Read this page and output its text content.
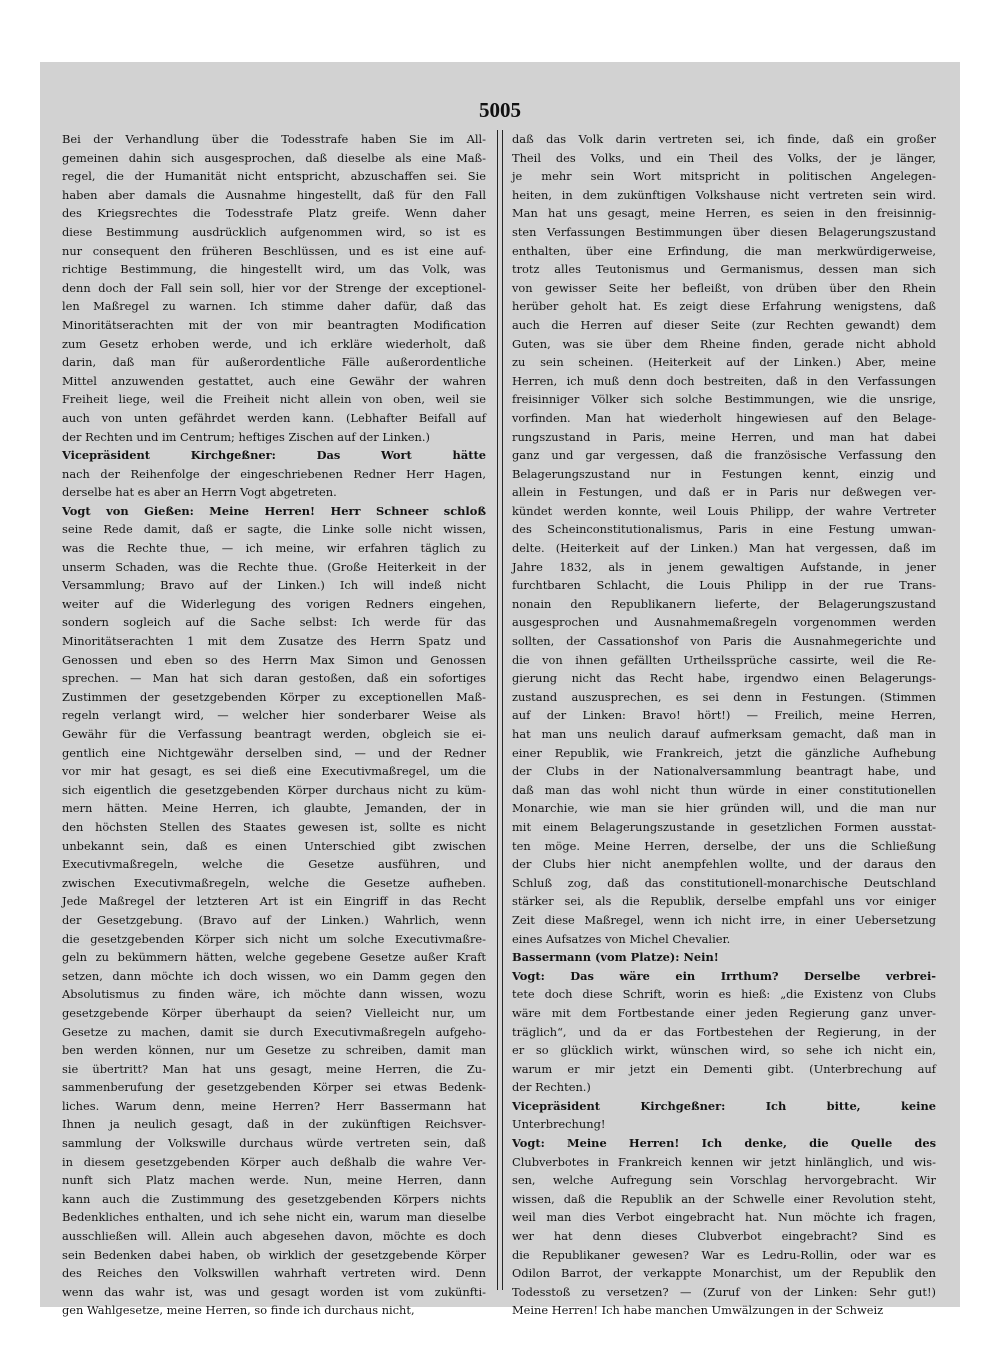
5005
Bei der Verhandlung über die Todesstrafe haben Sie im All-
gemeinen dahin sich ausgesprochen, daß dieselbe als eine Maß-
regel, die der Humanität nicht entspricht, abzuschaffen sei. Sie
haben aber damals die Ausnahme hingestellt, daß für den Fall
des Kriegsrechtes die Todesstrafe Platz greife. Wenn daher
diese Bestimmung ausdrücklich aufgenommen wird, so ist es
nur consequent den früheren Beschlüssen, und es ist eine auf-
richtige Bestimmung, die hingestellt wird, um das Volk, was
denn doch der Fall sein soll, hier vor der Strenge der exceptionel-
len Maßregel zu warnen. Ich stimme daher dafür, daß das
Minoritätserachten mit der von mir beantragten Modification
zum Gesetz erhoben werde, und ich erkläre wiederholt, daß
darin, daß man für außerordentliche Fälle außerordentliche
Mittel anzuwenden gestattet, auch eine Gewähr der wahren
Freiheit liege, weil die Freiheit nicht allein von oben, weil sie
auch von unten gefährdet werden kann. (Lebhafter Beifall auf
der Rechten und im Centrum; heftiges Zischen auf der Linken.)
Vicepräsident Kirchgeßner: Das Wort hätte
nach der Reihenfolge der eingeschriebenen Redner Herr Hagen,
derselbe hat es aber an Herrn Vogt abgetreten.
Vogt von Gießen: Meine Herren! Herr Schneer schloß
seine Rede damit, daß er sagte, die Linke solle nicht wissen,
was die Rechte thue, — ich meine, wir erfahren täglich zu
unserm Schaden, was die Rechte thue. (Große Heiterkeit in der
Versammlung; Bravo auf der Linken.) Ich will indeß nicht
weiter auf die Widerlegung des vorigen Redners eingehen,
sondern sogleich auf die Sache selbst: Ich werde für das
Minoritätserachten 1 mit dem Zusatze des Herrn Spatz und
Genossen und eben so des Herrn Max Simon und Genossen
sprechen. — Man hat sich daran gestoßen, daß ein sofortiges
Zustimmen der gesetzgebenden Körper zu exceptionellen Maß-
regeln verlangt wird, — welcher hier sonderbarer Weise als
Gewähr für die Verfassung beantragt werden, obgleich sie ei-
gentlich eine Nichtgewähr derselben sind, — und der Redner
vor mir hat gesagt, es sei dieß eine Executivmaßregel, um die
sich eigentlich die gesetzgebenden Körper durchaus nicht zu küm-
mern hätten. Meine Herren, ich glaubte, Jemanden, der in
den höchsten Stellen des Staates gewesen ist, sollte es nicht
unbekannt sein, daß es einen Unterschied gibt zwischen
Executivmaßregeln, welche die Gesetze ausführen, und
zwischen Executivmaßregeln, welche die Gesetze aufheben.
Jede Maßregel der letzteren Art ist ein Eingriff in das Recht
der Gesetzgebung. (Bravo auf der Linken.) Wahrlich, wenn
die gesetzgebenden Körper sich nicht um solche Executivmaßre-
geln zu bekümmern hätten, welche gegebene Gesetze außer Kraft
setzen, dann möchte ich doch wissen, wo ein Damm gegen den
Absolutismus zu finden wäre, ich möchte dann wissen, wozu
gesetzgebende Körper überhaupt da seien? Vielleicht nur, um
Gesetze zu machen, damit sie durch Executivmaßregeln aufgeho-
ben werden können, nur um Gesetze zu schreiben, damit man
sie übertritt? Man hat uns gesagt, meine Herren, die Zu-
sammenberufung der gesetzgebenden Körper sei etwas Bedenk-
liches. Warum denn, meine Herren? Herr Bassermann hat
Ihnen ja neulich gesagt, daß in der zukünftigen Reichsver-
sammlung der Volkswille durchaus würde vertreten sein, daß
in diesem gesetzgebenden Körper auch deßhalb die wahre Ver-
nunft sich Platz machen werde. Nun, meine Herren, dann
kann auch die Zustimmung des gesetzgebenden Körpers nichts
Bedenkliches enthalten, und ich sehe nicht ein, warum man dieselbe
ausschließen will. Allein auch abgesehen davon, möchte es doch
sein Bedenken dabei haben, ob wirklich der gesetzgebende Körper
des Reiches den Volkswillen wahrhaft vertreten wird. Denn
wenn das wahr ist, was und gesagt worden ist vom zukünfti-
gen Wahlgesetze, meine Herren, so finde ich durchaus nicht,
daß das Volk darin vertreten sei, ich finde, daß ein großer
Theil des Volks, und ein Theil des Volks, der je länger,
je mehr sein Wort mitspricht in politischen Angelegen-
heiten, in dem zukünftigen Volkshause nicht vertreten sein wird.
Man hat uns gesagt, meine Herren, es seien in den freisinnig-
sten Verfassungen Bestimmungen über diesen Belagerungszustand
enthalten, über eine Erfindung, die man merkwürdigerweise,
trotz alles Teutonismus und Germanismus, dessen man sich
von gewisser Seite her befleißt, von drüben über den Rhein
herüber geholt hat. Es zeigt diese Erfahrung wenigstens, daß
auch die Herren auf dieser Seite (zur Rechten gewandt) dem
Guten, was sie über dem Rheine finden, gerade nicht abhold
zu sein scheinen. (Heiterkeit auf der Linken.) Aber, meine
Herren, ich muß denn doch bestreiten, daß in den Verfassungen
freisinniger Völker sich solche Bestimmungen, wie die unsrige,
vorfinden. Man hat wiederholt hingewiesen auf den Belage-
rungszustand in Paris, meine Herren, und man hat dabei
ganz und gar vergessen, daß die französische Verfassung den
Belagerungszustand nur in Festungen kennt, einzig und
allein in Festungen, und daß er in Paris nur deßwegen ver-
kündet werden konnte, weil Louis Philipp, der wahre Vertreter
des Scheinconstitutionalismus, Paris in eine Festung umwan-
delte. (Heiterkeit auf der Linken.) Man hat vergessen, daß im
Jahre 1832, als in jenem gewaltigen Aufstande, in jener
furchtbaren Schlacht, die Louis Philipp in der rue Trans-
nonain den Republikanern lieferte, der Belagerungszustand
ausgesprochen und Ausnahmemaßregeln vorgenommen werden
sollten, der Cassationshof von Paris die Ausnahmegerichte und
die von ihnen gefällten Urtheilssprüche cassirte, weil die Re-
gierung nicht das Recht habe, irgendwo einen Belagerungs-
zustand auszusprechen, es sei denn in Festungen. (Stimmen
auf der Linken: Bravo! hört!) — Freilich, meine Herren,
hat man uns neulich darauf aufmerksam gemacht, daß man in
einer Republik, wie Frankreich, jetzt die gänzliche Aufhebung
der Clubs in der Nationalversammlung beantragt habe, und
daß man das wohl nicht thun würde in einer constitutionellen
Monarchie, wie man sie hier gründen will, und die man nur
mit einem Belagerungszustande in gesetzlichen Formen ausstat-
ten möge. Meine Herren, derselbe, der uns die Schließung
der Clubs hier nicht anempfehlen wollte, und der daraus den
Schluß zog, daß das constitutionell-monarchische Deutschland
stärker sei, als die Republik, derselbe empfahl uns vor einiger
Zeit diese Maßregel, wenn ich nicht irre, in einer Uebersetzung
eines Aufsatzes von Michel Chevalier.
Bassermann (vom Platze): Nein!
Vogt: Das wäre ein Irrthum? Derselbe verbrei-
tete doch diese Schrift, worin es hieß: „die Existenz von Clubs
wäre mit dem Fortbestande einer jeden Regierung ganz unver-
träglich“, und da er das Fortbestehen der Regierung, in der
er so glücklich wirkt, wünschen wird, so sehe ich nicht ein,
warum er mir jetzt ein Dementi gibt. (Unterbrechung auf
der Rechten.)
Vicepräsident Kirchgeßner: Ich bitte, keine
Unterbrechung!
Vogt: Meine Herren! Ich denke, die Quelle des
Clubverbotes in Frankreich kennen wir jetzt hinlänglich, und wis-
sen, welche Aufregung sein Vorschlag hervorgebracht. Wir
wissen, daß die Republik an der Schwelle einer Revolution steht,
weil man dies Verbot eingebracht hat. Nun möchte ich fragen,
wer hat denn dieses Clubverbot eingebracht? Sind es
die Republikaner gewesen? War es Ledru-Rollin, oder war es
Odilon Barrot, der verkappte Monarchist, um der Republik den
Todesstoß zu versetzen? — (Zuruf von der Linken: Sehr gut!)
Meine Herren! Ich habe manchen Umwälzungen in der Schweiz
